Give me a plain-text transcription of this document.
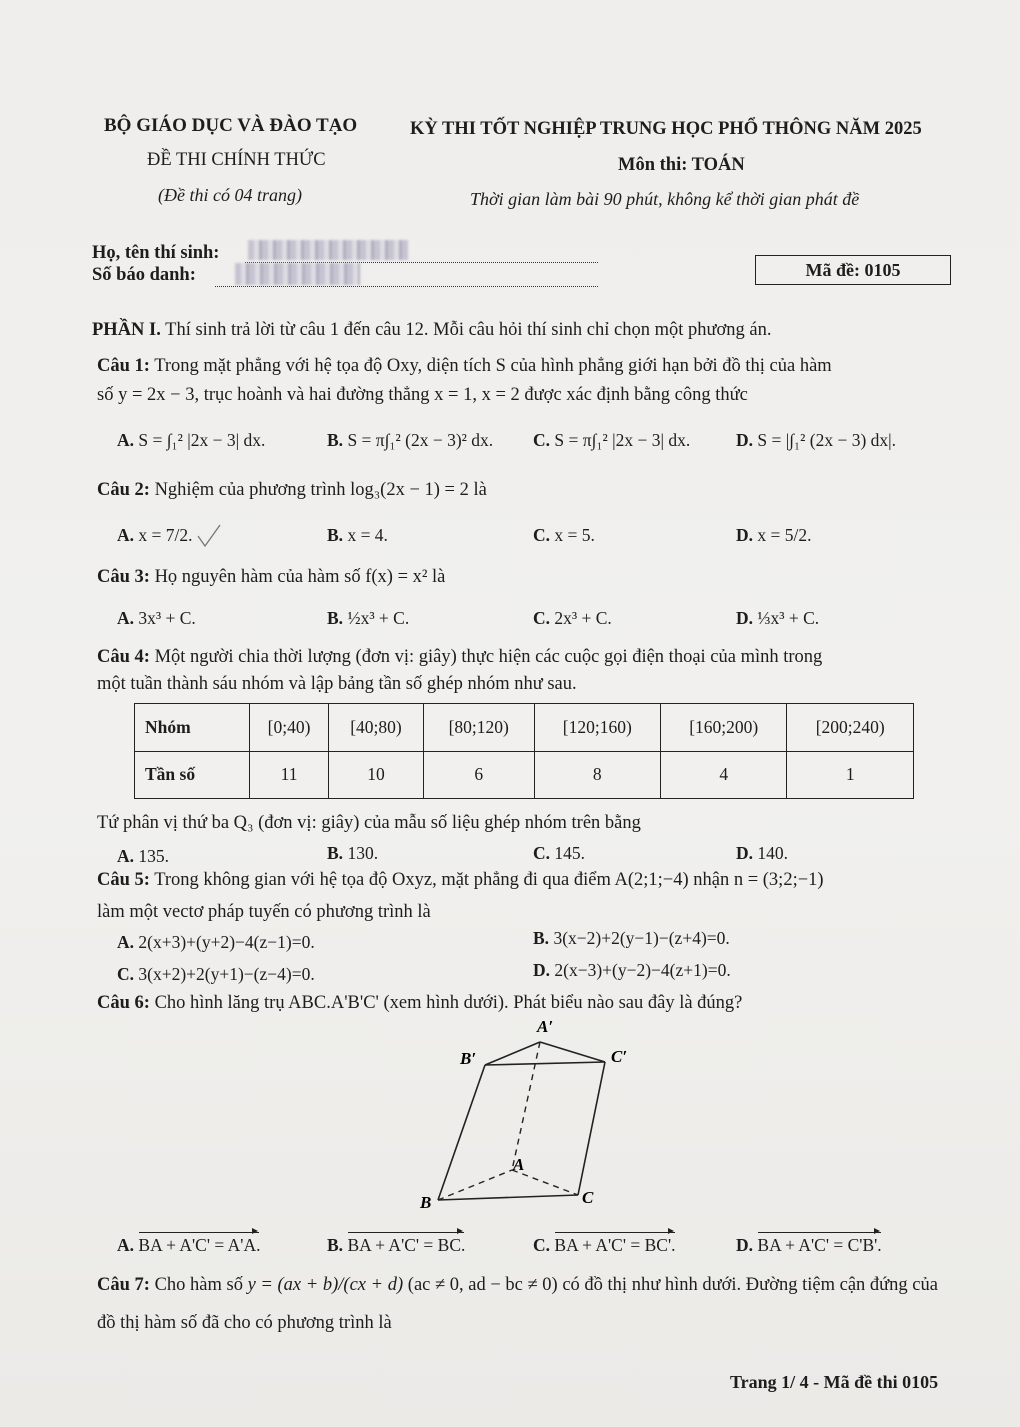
BỘ GIÁO DỤC VÀ ĐÀO TẠO	KỲ THI TỐT NGHIỆP TRUNG HỌC PHỔ THÔNG NĂM 2025
ĐỀ THI CHÍNH THỨC	Môn thi: TOÁN
(Đề thi có 04 trang)	Thời gian làm bài 90 phút, không kể thời gian phát đề
Họ, tên thí sinh:
Số báo danh:	Mã đề: 0105
PHẦN I. Thí sinh trả lời từ câu 1 đến câu 12. Mỗi câu hỏi thí sinh chỉ chọn một phương án.
Câu 1: Trong mặt phẳng với hệ tọa độ Oxy, diện tích S của hình phẳng giới hạn bởi đồ thị của hàm
số y = 2x − 3, trục hoành và hai đường thẳng x = 1, x = 2 được xác định bằng công thức
A. S = ∫₁² |2x − 3| dx.	B. S = π∫₁² (2x − 3)² dx. C. S = π∫₁² |2x − 3| dx.	D. S = |∫₁² (2x − 3) dx|.
Câu 2: Nghiệm của phương trình log₃(2x − 1) = 2 là
A. x = 7/2.	B. x = 4.	C. x = 5.	D. x = 5/2.
Câu 3: Họ nguyên hàm của hàm số f(x) = x² là
A. 3x³ + C.	B. ½x³ + C.	C. 2x³ + C.	D. ⅓x³ + C.
Câu 4: Một người chia thời lượng (đơn vị: giây) thực hiện các cuộc gọi điện thoại của mình trong
một tuần thành sáu nhóm và lập bảng tần số ghép nhóm như sau.
Nhóm	[0;40)	[40;80)	[80;120)	[120;160)	[160;200)	[200;240)
Tần số	11	10	6	8	4	1
Tứ phân vị thứ ba Q₃ (đơn vị: giây) của mẫu số liệu ghép nhóm trên bằng
A. 135.	B. 130.	C. 145.	D. 140.
Câu 5: Trong không gian với hệ tọa độ Oxyz, mặt phẳng đi qua điểm A(2;1;−4) nhận n = (3;2;−1)
làm một vectơ pháp tuyến có phương trình là
A. 2(x+3)+(y+2)−4(z−1)=0.	B. 3(x−2)+2(y−1)−(z+4)=0.
C. 3(x+2)+2(y+1)−(z−4)=0.	D. 2(x−3)+(y−2)−4(z+1)=0.
Câu 6: Cho hình lăng trụ ABC.A'B'C' (xem hình dưới). Phát biểu nào sau đây là đúng?
A′
B′	C′
A
B	C
A. BA + A'C' = A'A.	B. BA + A'C' = BC.	C. BA + A'C' = BC'.	D. BA + A'C' = C'B'.
Câu 7: Cho hàm số y = (ax + b)/(cx + d) (ac ≠ 0, ad − bc ≠ 0) có đồ thị như hình dưới. Đường tiệm cận đứng của
đồ thị hàm số đã cho có phương trình là
Trang 1/ 4 - Mã đề thi 0105
